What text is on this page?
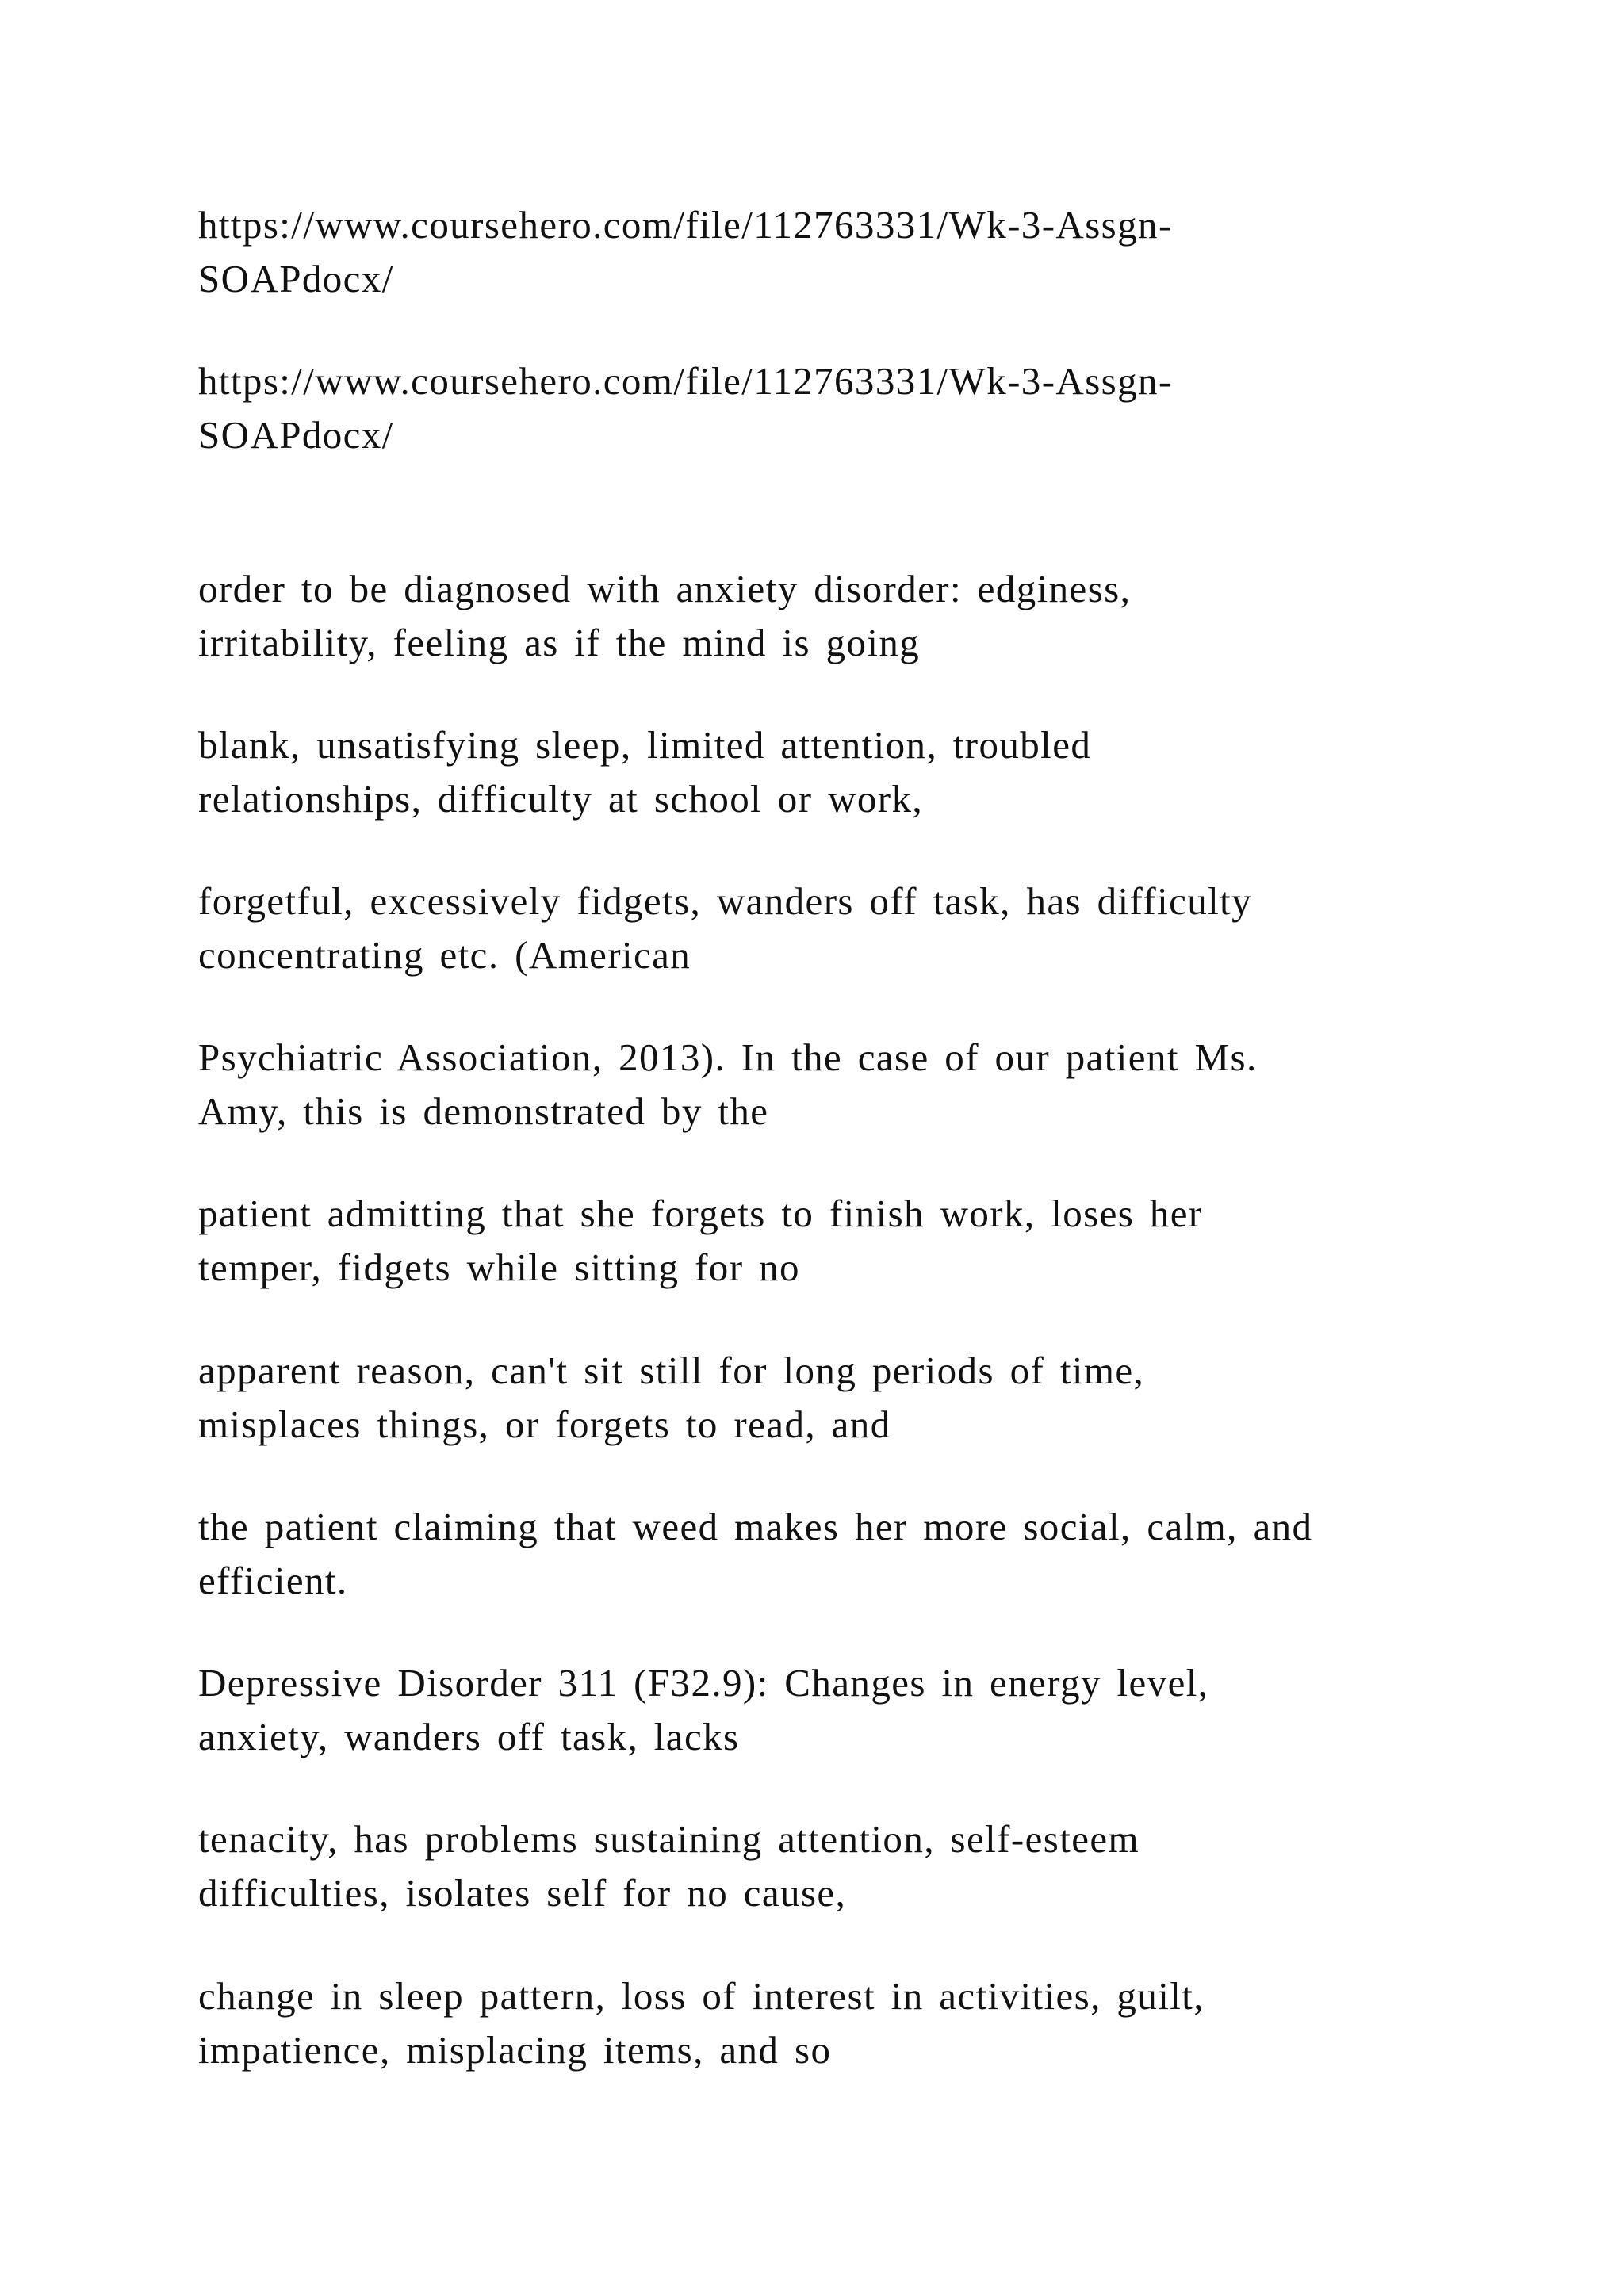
https://www.coursehero.com/file/112763331/Wk-3-Assgn-
SOAPdocx/

https://www.coursehero.com/file/112763331/Wk-3-Assgn-
SOAPdocx/

order to be diagnosed with anxiety disorder: edginess,
irritability, feeling as if the mind is going

blank, unsatisfying sleep, limited attention, troubled
relationships, difficulty at school or work,

forgetful, excessively fidgets, wanders off task, has difficulty
concentrating etc. (American

Psychiatric Association, 2013). In the case of our patient Ms.
Amy, this is demonstrated by the

patient admitting that she forgets to finish work, loses her
temper, fidgets while sitting for no

apparent reason, can't sit still for long periods of time,
misplaces things, or forgets to read, and

the patient claiming that weed makes her more social, calm, and
efficient.

Depressive Disorder 311 (F32.9): Changes in energy level,
anxiety, wanders off task, lacks

tenacity, has problems sustaining attention, self-esteem
difficulties, isolates self for no cause,

change in sleep pattern, loss of interest in activities, guilt,
impatience, misplacing items, and so
